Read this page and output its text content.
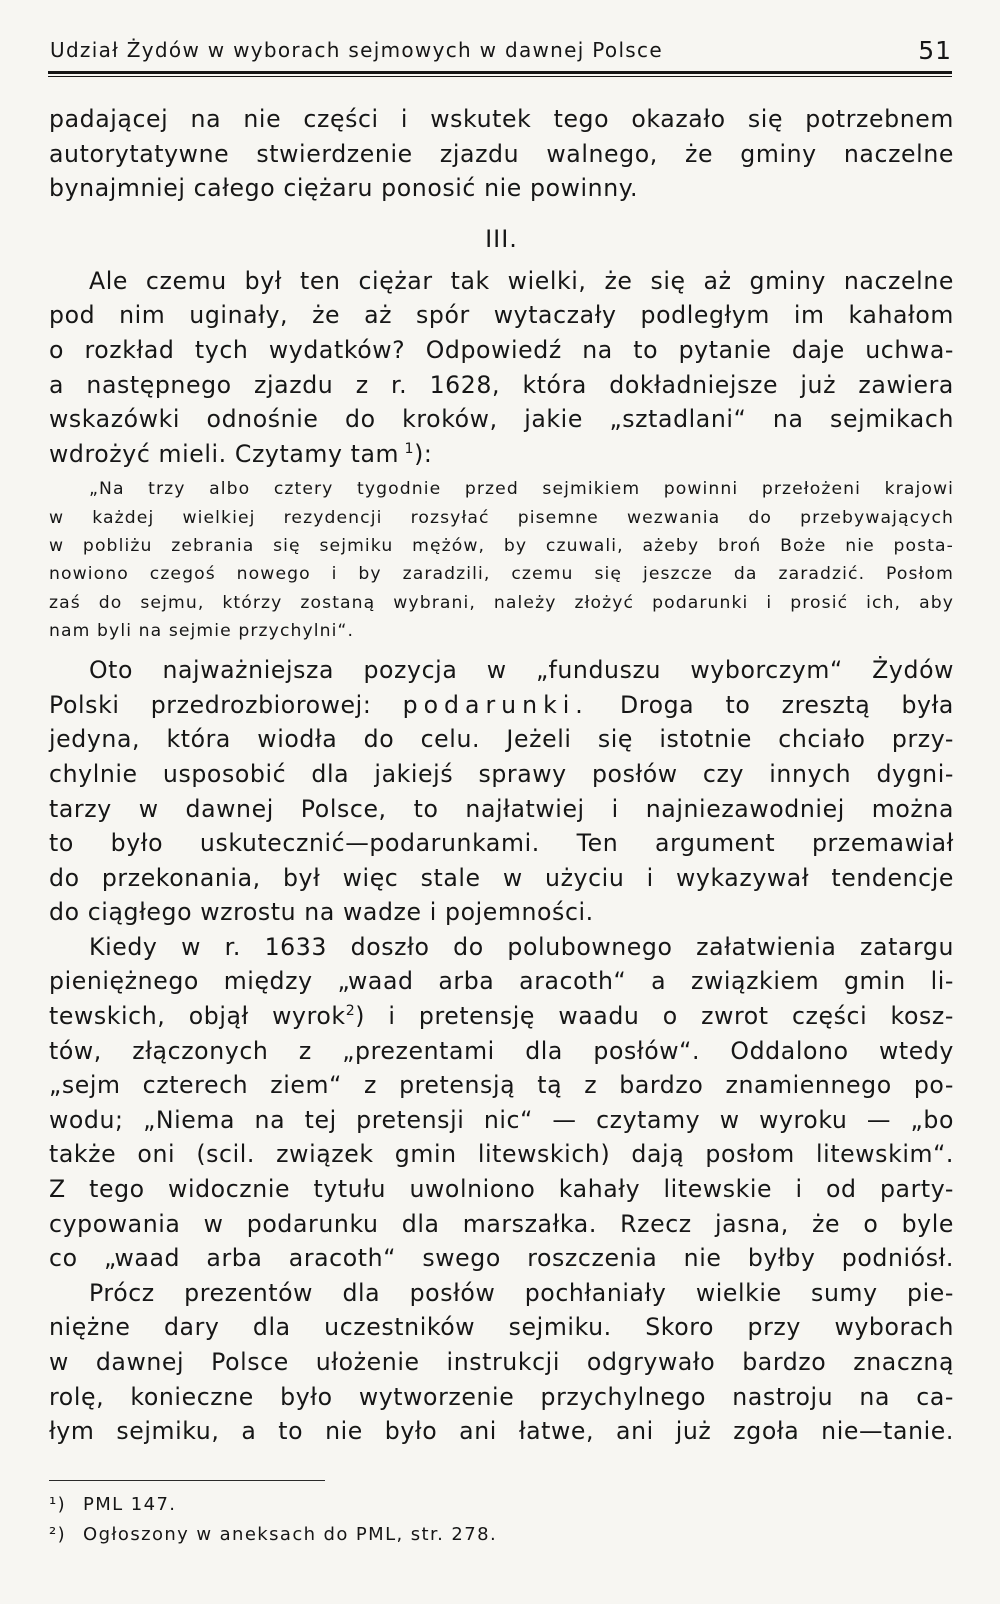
Udział Żydów w wyborach sejmowych w dawnej Polsce	51
padającej na nie części i wskutek tego okazało się potrzebnem
autorytatywne stwierdzenie zjazdu walnego, że gminy naczelne
bynajmniej całego ciężaru ponosić nie powinny.
III.
Ale czemu był ten ciężar tak wielki, że się aż gminy naczelne
pod nim uginały, że aż spór wytaczały podległym im kahałom
o rozkład tych wydatków? Odpowiedź na to pytanie daje uchwa-
a następnego zjazdu z r. 1628, która dokładniejsze już zawiera
wskazówki odnośnie do kroków, jakie „sztadlani“ na sejmikach
wdrożyć mieli. Czytamy tam  $^1$):
„Na trzy albo cztery tygodnie przed sejmikiem powinni przełożeni krajowi
w każdej wielkiej rezydencji rozsyłać pisemne wezwania do przebywających
w pobliżu zebrania się sejmiku mężów, by czuwali, ażeby broń Boże nie posta-
nowiono czegoś nowego i by zaradzili, czemu się jeszcze da zaradzić. Posłom
zaś do sejmu, którzy zostaną wybrani, należy złożyć podarunki i prosić ich, aby
nam byli na sejmie przychylni“.
Oto najważniejsza pozycja w „funduszu wyborczym“ Żydów
Polski przedrozbiorowej: podarunki. Droga to zresztą była
jedyna, która wiodła do celu. Jeżeli się istotnie chciało przy-
chylnie usposobić dla jakiejś sprawy posłów czy innych dygni-
tarzy w dawnej Polsce, to najłatwiej i najniezawodniej można
to było uskutecznić—podarunkami. Ten argument przemawiał
do przekonania, był więc stale w użyciu i wykazywał tendencje
do ciągłego wzrostu na wadze i pojemności.
Kiedy w r. 1633 doszło do polubownego załatwienia zatargu
pieniężnego między „waad arba aracoth“ a związkiem gmin li-
tewskich, objął wyrok$^2$) i pretensję waadu o zwrot części kosz-
tów, złączonych z „prezentami dla posłów“. Oddalono wtedy
„sejm czterech ziem“ z pretensją tą z bardzo znamiennego po-
wodu; „Niema na tej pretensji nic“ — czytamy w wyroku — „bo
także oni (scil. związek gmin litewskich) dają posłom litewskim“.
Z tego widocznie tytułu uwolniono kahały litewskie i od party-
cypowania w podarunku dla marszałka. Rzecz jasna, że o byle
co „waad arba aracoth“ swego roszczenia nie byłby podniósł.
Prócz prezentów dla posłów pochłaniały wielkie sumy pie-
niężne dary dla uczestników sejmiku. Skoro przy wyborach
w dawnej Polsce ułożenie instrukcji odgrywało bardzo znaczną
rolę, konieczne było wytworzenie przychylnego nastroju na ca-
łym sejmiku, a to nie było ani łatwe, ani już zgoła nie—tanie.
¹) PML 147.
²) Ogłoszony w aneksach do PML, str. 278.
